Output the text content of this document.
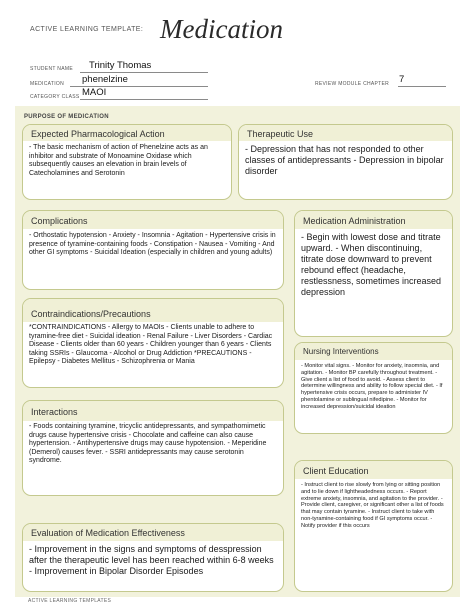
ACTIVE LEARNING TEMPLATE: Medication
STUDENT NAME Trinity Thomas
MEDICATION phenelzine
CATEGORY CLASS MAOI
REVIEW MODULE CHAPTER 7
PURPOSE OF MEDICATION
Expected Pharmacological Action
- The basic mechanism of action of Phenelzine acts as an inhibitor and substrate of Monoamine Oxidase which subsequently causes an elevation in brain levels of Catecholamines and Serotonin
Therapeutic Use
- Depression that has not responded to other classes of antidepressants - Depression in bipolar disorder
Complications
- Orthostatic hypotension - Anxiety - Insomnia - Agitation - Hypertensive crisis in presence of tyramine-containing foods - Constipation - Nausea - Vomiting - And other GI symptoms - Suicidal Ideation (especially in children and young adults)
Medication Administration
- Begin with lowest dose and titrate upward. - When discontinuing, titrate dose downward to prevent rebound effect (headache, restlessness, sometimes increased depression
Contraindications/Precautions
*CONTRAINDICATIONS - Allergy to MAOIs - Clients unable to adhere to tyramine-free diet - Suicidal ideation - Renal Failure - Liver Disorders - Cardiac Disease - Clients older than 60 years - Children younger than 6 years - Clients taking SSRIs - Glaucoma - Alcohol or Drug Addiction *PRECAUTIONS - Epilepsy - Diabetes Mellitus - Schizophrenia or Mania
Nursing Interventions
- Monitor vital signs. - Monitor for anxiety, insomnia, and agitation. - Monitor BP carefully throughout treatment. - Give client a list of food to avoid. - Assess client to determine willingness and ability to follow special diet. - If hypertensive crisis occurs, prepare to administer IV phentolamine or sublingual nifedipine. - Monitor for increased depression/suicidal ideation
Interactions
- Foods containing tyramine, tricyclic antidepressants, and sympathomimetic drugs cause hypertensive crisis - Chocolate and caffeine can also cause hypertension. - Antihypertensive drugs may cause hypotension. - Meperidine (Demerol) causes fever. - SSRI antidepressants may cause serotonin syndrome.
Client Education
- Instruct client to rise slowly from lying or sitting position and to lie down if lightheadedness occurs. - Report extreme anxiety, insomnia, and agitation to the provider. - Provide client, caregiver, or significant other a list of foods that may contain tyramine. - Instruct client to take with non-tyramine-containing food if GI symptoms occur. - Notify provider if this occurs
Evaluation of Medication Effectiveness
- Improvement in the signs and symptoms of desspression after the therapeutic level has been reached within 6-8 weeks - Improvement in Bipolar Disorder Episodes
ACTIVE LEARNING TEMPLATES
